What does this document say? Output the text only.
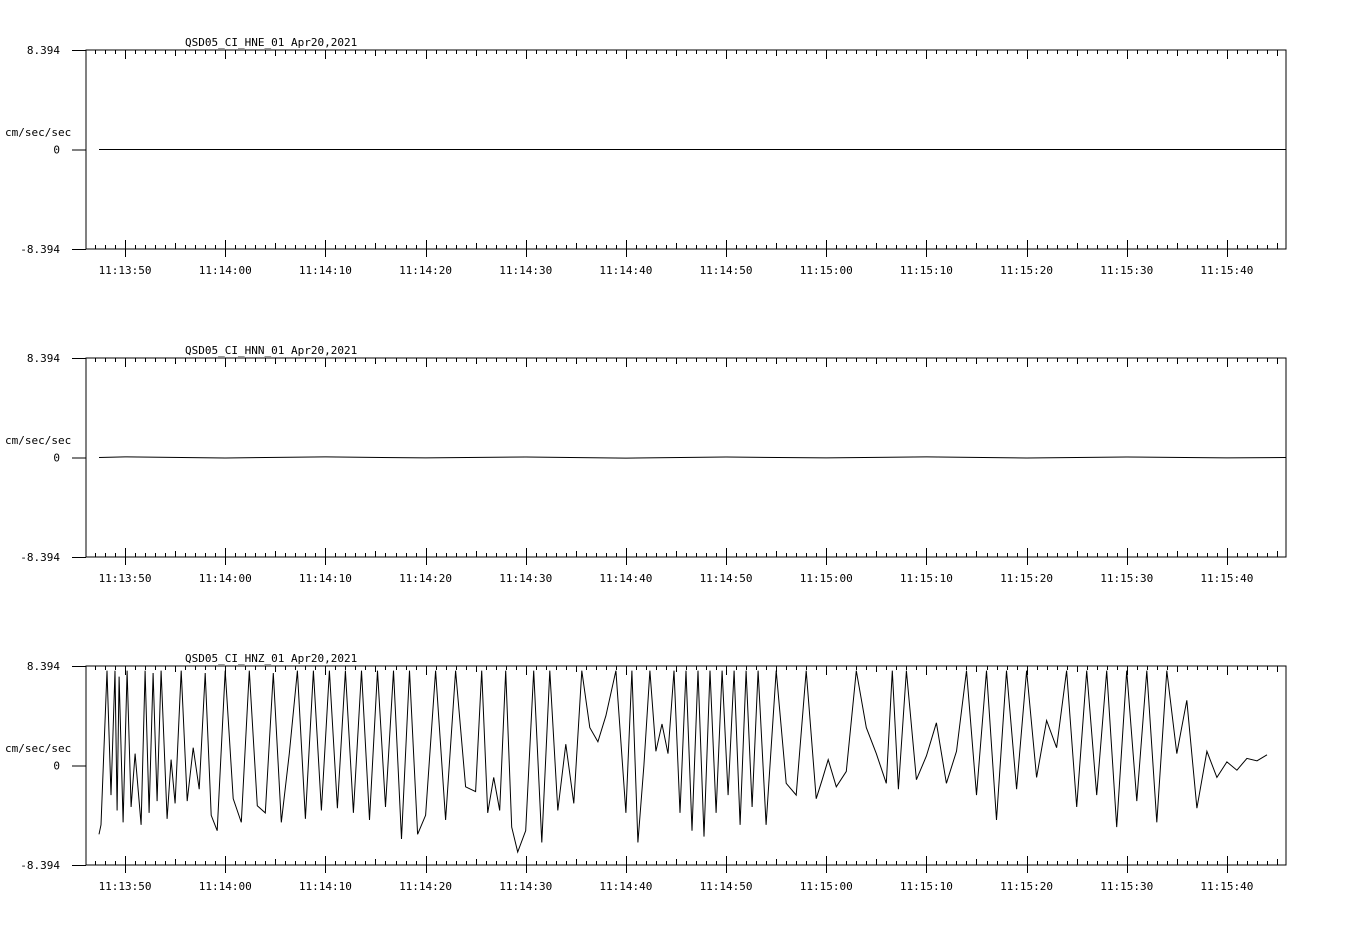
QSD05_CI_HNE_01 Apr20,2021
cm/sec/sec
8.394
0
-8.394
11:13:50	11:14:00	11:14:10	11:14:20	11:14:30	11:14:40	11:14:50	11:15:00	11:15:10	11:15:20	11:15:30	11:15:40
QSD05_CI_HNN_01 Apr20,2021
cm/sec/sec
8.394
0
-8.394
11:13:50	11:14:00	11:14:10	11:14:20	11:14:30	11:14:40	11:14:50	11:15:00	11:15:10	11:15:20	11:15:30	11:15:40
QSD05_CI_HNZ_01 Apr20,2021
cm/sec/sec
8.394
0
-8.394
11:13:50	11:14:00	11:14:10	11:14:20	11:14:30	11:14:40	11:14:50	11:15:00	11:15:10	11:15:20	11:15:30	11:15:40
